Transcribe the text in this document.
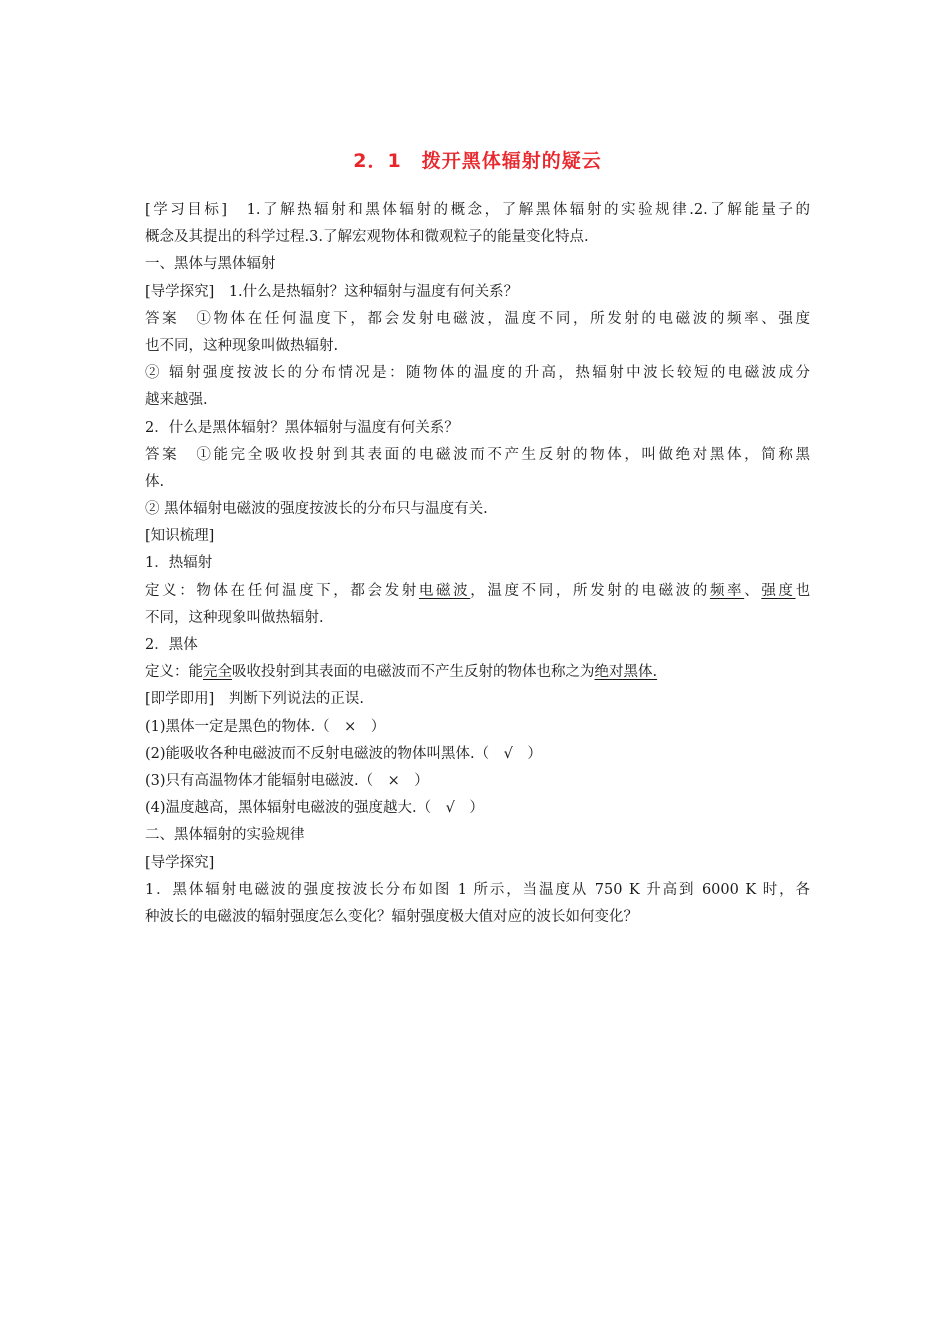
2．1　拨开黑体辐射的疑云
[学习目标]　1.了解热辐射和黑体辐射的概念，了解黑体辐射的实验规律.2.了解能量子的
概念及其提出的科学过程.3.了解宏观物体和微观粒子的能量变化特点.
一、黑体与黑体辐射
[导学探究]　1.什么是热辐射？这种辐射与温度有何关系？
答案　①物体在任何温度下，都会发射电磁波，温度不同，所发射的电磁波的频率、强度
也不同，这种现象叫做热辐射.
② 辐射强度按波长的分布情况是：随物体的温度的升高，热辐射中波长较短的电磁波成分
越来越强.
2．什么是黑体辐射？黑体辐射与温度有何关系？
答案　①能完全吸收投射到其表面的电磁波而不产生反射的物体，叫做绝对黑体，简称黑
体.
② 黑体辐射电磁波的强度按波长的分布只与温度有关.
[知识梳理]
1．热辐射
定义：物体在任何温度下，都会发射电磁波，温度不同，所发射的电磁波的频率、强度也
不同，这种现象叫做热辐射.
2．黑体
定义：能完全吸收投射到其表面的电磁波而不产生反射的物体也称之为绝对黑体.
[即学即用]　判断下列说法的正误.
(1)黑体一定是黑色的物体.（　×　）
(2)能吸收各种电磁波而不反射电磁波的物体叫黑体.（　√　）
(3)只有高温物体才能辐射电磁波.（　×　）
(4)温度越高，黑体辐射电磁波的强度越大.（　√　）
二、黑体辐射的实验规律
[导学探究]
1．黑体辐射电磁波的强度按波长分布如图 1 所示，当温度从 750 K 升高到 6000 K 时，各
种波长的电磁波的辐射强度怎么变化？辐射强度极大值对应的波长如何变化？
